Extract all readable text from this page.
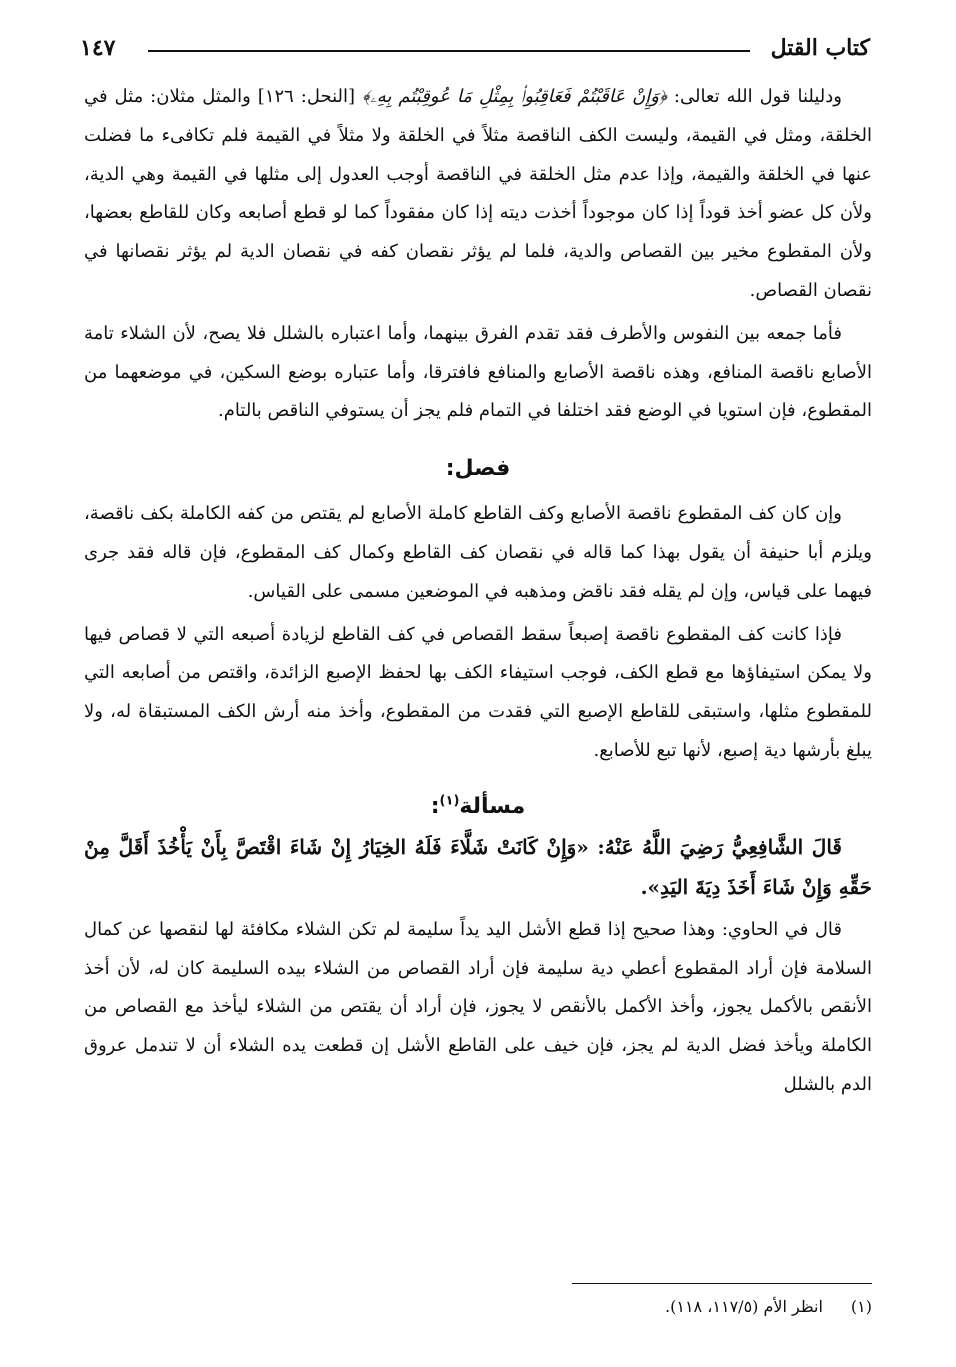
كتاب القتل
١٤٧

ودليلنا قول الله تعالى: ﴿وَإِنْ عَاقَبْتُمْ فَعَاقِبُوا۟ بِمِثْلِ مَا عُوقِبْتُم بِهِۦ﴾ [النحل: ١٢٦] والمثل مثلان: مثل في الخلقة، ومثل في القيمة، وليست الكف الناقصة مثلاً في الخلقة ولا مثلاً في القيمة فلم تكافىء ما فضلت عنها في الخلقة والقيمة، وإذا عدم مثل الخلقة في الناقصة أوجب العدول إلى مثلها في القيمة وهي الدية، ولأن كل عضو أخذ قوداً إذا كان موجوداً أخذت ديته إذا كان مفقوداً كما لو قطع أصابعه وكان للقاطع بعضها، ولأن المقطوع مخير بين القصاص والدية، فلما لم يؤثر نقصان كفه في نقصان الدية لم يؤثر نقصانها في نقصان القصاص.

فأما جمعه بين النفوس والأطرف فقد تقدم الفرق بينهما، وأما اعتباره بالشلل فلا يصح، لأن الشلاء تامة الأصابع ناقصة المنافع، وهذه ناقصة الأصابع والمنافع فافترقا، وأما عتباره بوضع السكين، في موضعهما من المقطوع، فإن استويا في الوضع فقد اختلفا في التمام فلم يجز أن يستوفي الناقص بالتام.

فصل:

وإن كان كف المقطوع ناقصة الأصابع وكف القاطع كاملة الأصابع لم يقتص من كفه الكاملة بكف ناقصة، ويلزم أبا حنيفة أن يقول بهذا كما قاله في نقصان كف القاطع وكمال كف المقطوع، فإن قاله فقد جرى فيهما على قياس، وإن لم يقله فقد ناقض ومذهبه في الموضعين مسمى على القياس.

فإذا كانت كف المقطوع ناقصة إصبعاً سقط القصاص في كف القاطع لزيادة أصبعه التي لا قصاص فيها ولا يمكن استيفاؤها مع قطع الكف، فوجب استيفاء الكف بها لحفظ الإصبع الزائدة، واقتص من أصابعه التي للمقطوع مثلها، واستبقى للقاطع الإصبع التي فقدت من المقطوع، وأخذ منه أرش الكف المستبقاة له، ولا يبلغ بأرشها دية إصبع، لأنها تبع للأصابع.

مسألة$^{(١)}$:

قَالَ الشَّافِعِيُّ رَضِيَ اللَّهُ عَنْهُ: «وَإِنْ كَانَتْ شَلَّاءَ فَلَهُ الخِيَارُ إِنْ شَاءَ اقْتَصَّ بِأَنْ يَأْخُذَ أَقَلَّ مِنْ حَقِّهِ وَإِنْ شَاءَ أَخَذَ دِيَةَ اليَدِ».

قال في الحاوي: وهذا صحيح إذا قطع الأشل اليد يداً سليمة لم تكن الشلاء مكافئة لها لنقصها عن كمال السلامة فإن أراد المقطوع أعطي دية سليمة فإن أراد القصاص من الشلاء بيده السليمة كان له، لأن أخذ الأنقص بالأكمل يجوز، وأخذ الأكمل بالأنقص لا يجوز، فإن أراد أن يقتص من الشلاء ليأخذ مع القصاص من الكاملة ويأخذ فضل الدية لم يجز، فإن خيف على القاطع الأشل إن قطعت يده الشلاء أن لا تندمل عروق الدم بالشلل

(١)انظر الأم (١١٧/٥، ١١٨).
